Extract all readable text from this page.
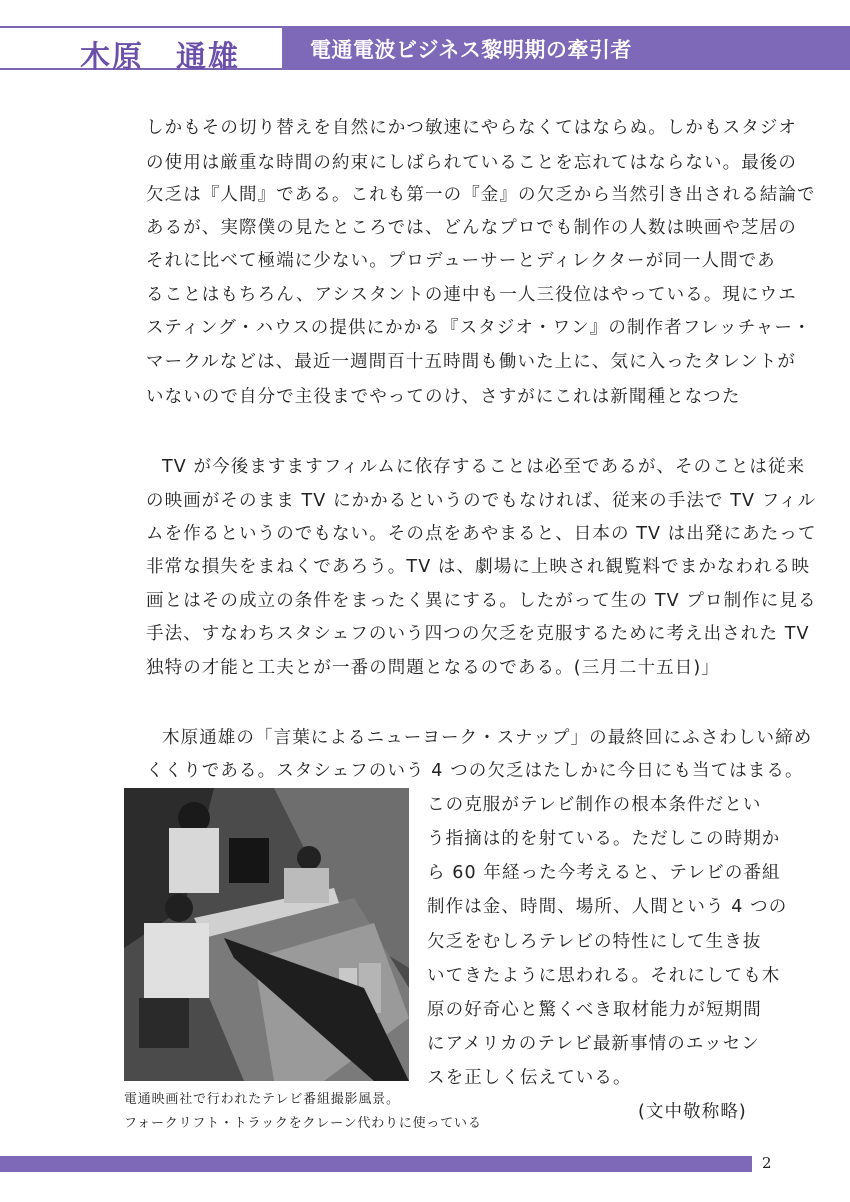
木原　通雄	電通電波ビジネス黎明期の牽引者
しかもその切り替えを自然にかつ敏速にやらなくてはならぬ。しかもスタジオ
の使用は厳重な時間の約束にしばられていることを忘れてはならない。最後の
欠乏は『人間』である。これも第一の『金』の欠乏から当然引き出される結論で
あるが、実際僕の見たところでは、どんなプロでも制作の人数は映画や芝居の
それに比べて極端に少ない。プロデューサーとディレクターが同一人間であ
ることはもちろん、アシスタントの連中も一人三役位はやっている。現にウエ
スティング・ハウスの提供にかかる『スタジオ・ワン』の制作者フレッチャー・
マークルなどは、最近一週間百十五時間も働いた上に、気に入ったタレントが
いないので自分で主役までやってのけ、さすがにこれは新聞種となつた
TV が今後ますますフィルムに依存することは必至であるが、そのことは従来
の映画がそのまま TV にかかるというのでもなければ、従来の手法で TV フィル
ムを作るというのでもない。その点をあやまると、日本の TV は出発にあたって
非常な損失をまねくであろう。TV は、劇場に上映され観覧料でまかなわれる映
画とはその成立の条件をまったく異にする。したがって生の TV プロ制作に見る
手法、すなわちスタシェフのいう四つの欠乏を克服するために考え出された TV
独特の才能と工夫とが一番の問題となるのである。(三月二十五日)」
木原通雄の「言葉によるニューヨーク・スナップ」の最終回にふさわしい締め
くくりである。スタシェフのいう 4 つの欠乏はたしかに今日にも当てはまる。
この克服がテレビ制作の根本条件だとい
う指摘は的を射ている。ただしこの時期か
ら 60 年経った今考えると、テレビの番組
制作は金、時間、場所、人間という 4 つの
欠乏をむしろテレビの特性にして生き抜
いてきたように思われる。それにしても木
原の好奇心と驚くべき取材能力が短期間
にアメリカのテレビ最新事情のエッセン
スを正しく伝えている。
(文中敬称略)
電通映画社で行われたテレビ番組撮影風景。
フォークリフト・トラックをクレーン代わりに使っている
2
